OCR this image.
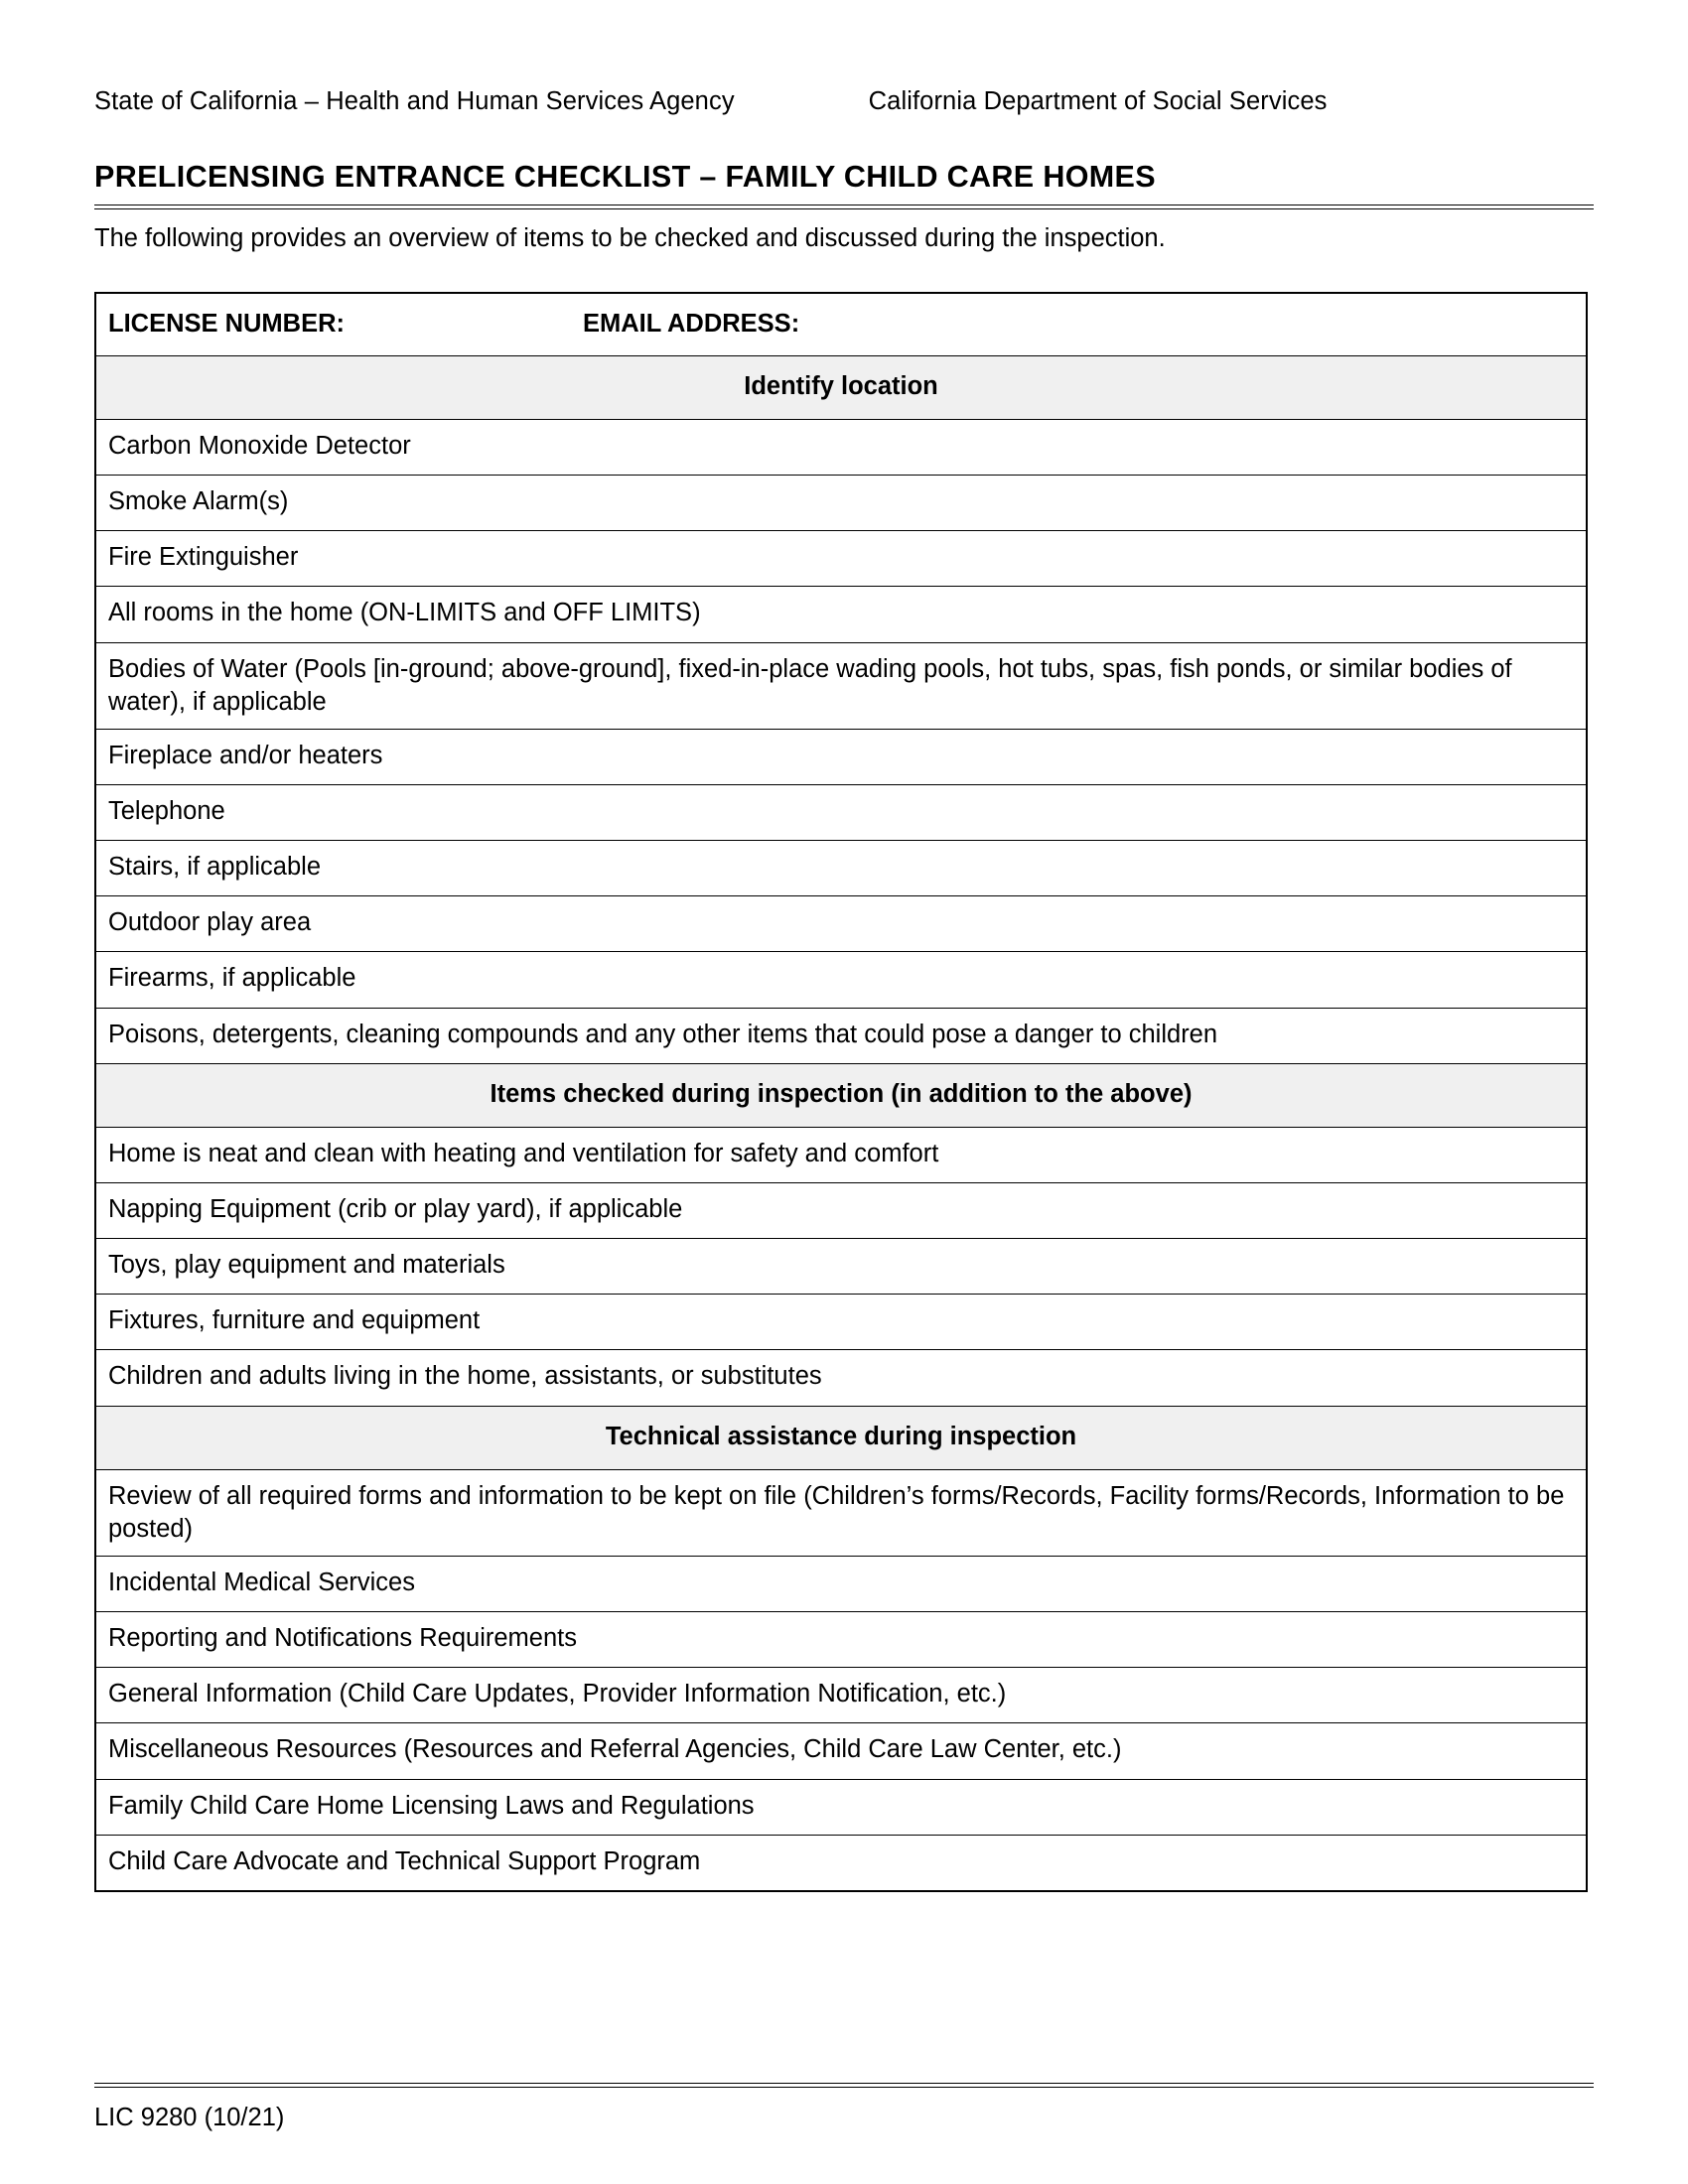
State of California – Health and Human Services Agency	California Department of Social Services
PRELICENSING ENTRANCE CHECKLIST – FAMILY CHILD CARE HOMES
The following provides an overview of items to be checked and discussed during the inspection.
LICENSE NUMBER:	EMAIL ADDRESS:

Identify location
Carbon Monoxide Detector
Smoke Alarm(s)
Fire Extinguisher
All rooms in the home (ON-LIMITS and OFF LIMITS)
Bodies of Water (Pools [in-ground; above-ground], fixed-in-place wading pools, hot tubs, spas, fish ponds, or similar bodies of water), if applicable
Fireplace and/or heaters
Telephone
Stairs, if applicable
Outdoor play area
Firearms, if applicable
Poisons, detergents, cleaning compounds and any other items that could pose a danger to children
Items checked during inspection (in addition to the above)
Home is neat and clean with heating and ventilation for safety and comfort
Napping Equipment (crib or play yard), if applicable
Toys, play equipment and materials
Fixtures, furniture and equipment
Children and adults living in the home, assistants, or substitutes
Technical assistance during inspection
Review of all required forms and information to be kept on file (Children’s forms/Records, Facility forms/Records, Information to be posted)
Incidental Medical Services
Reporting and Notifications Requirements
General Information (Child Care Updates, Provider Information Notification, etc.)
Miscellaneous Resources (Resources and Referral Agencies, Child Care Law Center, etc.)
Family Child Care Home Licensing Laws and Regulations
Child Care Advocate and Technical Support Program
LIC 9280 (10/21)
